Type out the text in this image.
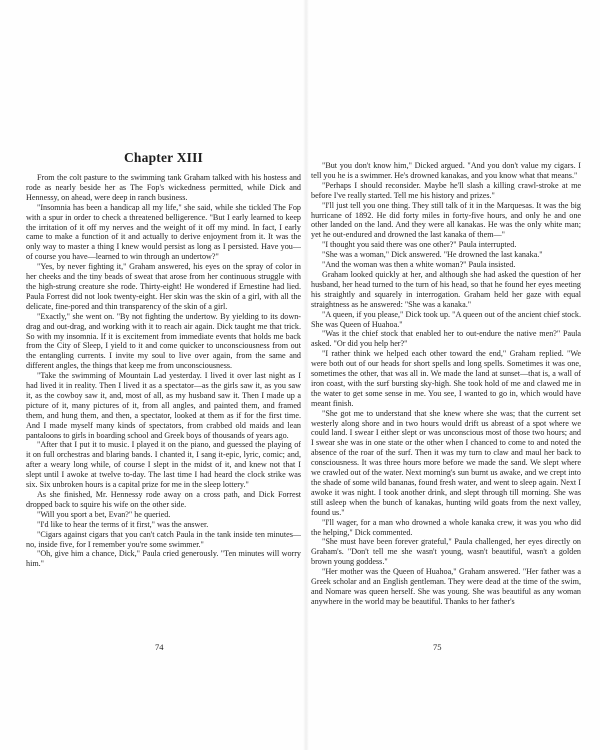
Chapter XIII

From the colt pasture to the swimming tank Graham talked with his hostess and rode as nearly beside her as The Fop's wickedness permitted, while Dick and Hennessy, on ahead, were deep in ranch business.

"Insomnia has been a handicap all my life," she said, while she tickled The Fop with a spur in order to check a threatened belligerence. "But I early learned to keep the irritation of it off my nerves and the weight of it off my mind. In fact, I early came to make a function of it and actually to derive enjoyment from it. It was the only way to master a thing I knew would persist as long as I persisted. Have you—of course you have—learned to win through an undertow?"

"Yes, by never fighting it," Graham answered, his eyes on the spray of color in her cheeks and the tiny beads of sweat that arose from her continuous struggle with the high-strung creature she rode. Thirty-eight! He wondered if Ernestine had lied. Paula Forrest did not look twenty-eight. Her skin was the skin of a girl, with all the delicate, fine-pored and thin transparency of the skin of a girl.

"Exactly," she went on. "By not fighting the undertow. By yielding to its down-drag and out-drag, and working with it to reach air again. Dick taught me that trick. So with my insomnia. If it is excitement from immediate events that holds me back from the City of Sleep, I yield to it and come quicker to unconsciousness from out the entangling currents. I invite my soul to live over again, from the same and different angles, the things that keep me from unconsciousness.

"Take the swimming of Mountain Lad yesterday. I lived it over last night as I had lived it in reality. Then I lived it as a spectator—as the girls saw it, as you saw it, as the cowboy saw it, and, most of all, as my husband saw it. Then I made up a picture of it, many pictures of it, from all angles, and painted them, and framed them, and hung them, and then, a spectator, looked at them as if for the first time. And I made myself many kinds of spectators, from crabbed old maids and lean pantaloons to girls in boarding school and Greek boys of thousands of years ago.

"After that I put it to music. I played it on the piano, and guessed the playing of it on full orchestras and blaring bands. I chanted it, I sang it-epic, lyric, comic; and, after a weary long while, of course I slept in the midst of it, and knew not that I slept until I awoke at twelve to-day. The last time I had heard the clock strike was six. Six unbroken hours is a capital prize for me in the sleep lottery."

As she finished, Mr. Hennessy rode away on a cross path, and Dick Forrest dropped back to squire his wife on the other side.

"Will you sport a bet, Evan?" he queried.

"I'd like to hear the terms of it first," was the answer.

"Cigars against cigars that you can't catch Paula in the tank inside ten minutes—no, inside five, for I remember you're some swimmer."

"Oh, give him a chance, Dick," Paula cried generously. "Ten minutes will worry him."

"But you don't know him," Dicked argued. "And you don't value my cigars. I tell you he is a swimmer. He's drowned kanakas, and you know what that means."

"Perhaps I should reconsider. Maybe he'll slash a killing crawl-stroke at me before I've really started. Tell me his history and prizes."

"I'll just tell you one thing. They still talk of it in the Marquesas. It was the big hurricane of 1892. He did forty miles in forty-five hours, and only he and one other landed on the land. And they were all kanakas. He was the only white man; yet he out-endured and drowned the last kanaka of them—"

"I thought you said there was one other?" Paula interrupted.

"She was a woman," Dick answered. "He drowned the last kanaka."

"And the woman was then a white woman?" Paula insisted.

Graham looked quickly at her, and although she had asked the question of her husband, her head turned to the turn of his head, so that he found her eyes meeting his straightly and squarely in interrogation. Graham held her gaze with equal straightness as he answered: "She was a kanaka."

"A queen, if you please," Dick took up. "A queen out of the ancient chief stock. She was Queen of Huahoa."

"Was it the chief stock that enabled her to out-endure the native men?" Paula asked. "Or did you help her?"

"I rather think we helped each other toward the end," Graham replied. "We were both out of our heads for short spells and long spells. Sometimes it was one, sometimes the other, that was all in. We made the land at sunset—that is, a wall of iron coast, with the surf bursting sky-high. She took hold of me and clawed me in the water to get some sense in me. You see, I wanted to go in, which would have meant finish.

"She got me to understand that she knew where she was; that the current set westerly along shore and in two hours would drift us abreast of a spot where we could land. I swear I either slept or was unconscious most of those two hours; and I swear she was in one state or the other when I chanced to come to and noted the absence of the roar of the surf. Then it was my turn to claw and maul her back to consciousness. It was three hours more before we made the sand. We slept where we crawled out of the water. Next morning's sun burnt us awake, and we crept into the shade of some wild bananas, found fresh water, and went to sleep again. Next I awoke it was night. I took another drink, and slept through till morning. She was still asleep when the bunch of kanakas, hunting wild goats from the next valley, found us."

"I'll wager, for a man who drowned a whole kanaka crew, it was you who did the helping," Dick commented.

"She must have been forever grateful," Paula challenged, her eyes directly on Graham's. "Don't tell me she wasn't young, wasn't beautiful, wasn't a golden brown young goddess."

"Her mother was the Queen of Huahoa," Graham answered. "Her father was a Greek scholar and an English gentleman. They were dead at the time of the swim, and Nomare was queen herself. She was young. She was beautiful as any woman anywhere in the world may be beautiful. Thanks to her father's

74	75
